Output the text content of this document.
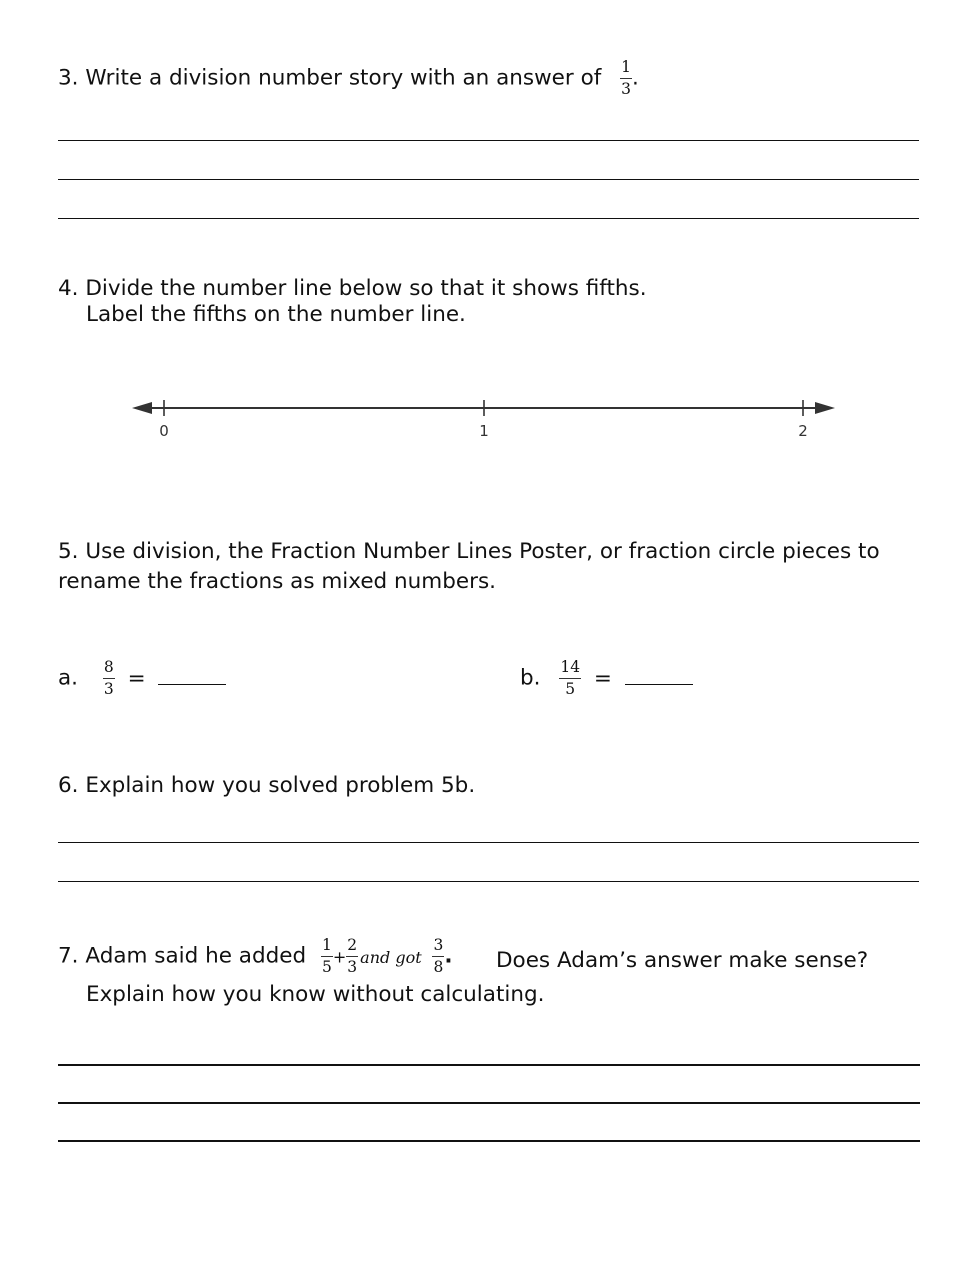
3. Write a division number story with an answer of $\frac{1}{3}$ .
4. Divide the number line below so that it shows fifths.
Label the fifths on the number line.
0	1	2
5. Use division, the Fraction Number Lines Poster, or fraction circle pieces to
rename the fractions as mixed numbers.
a. $\frac{8}{3}$ =	b. $\frac{14}{5}$ =
6. Explain how you solved problem 5b.
7. Adam said he added $\frac{1}{5} + \frac{2}{3}$ and got $\frac{3}{8}$ . Does Adam’s answer make sense?
Explain how you know without calculating.
